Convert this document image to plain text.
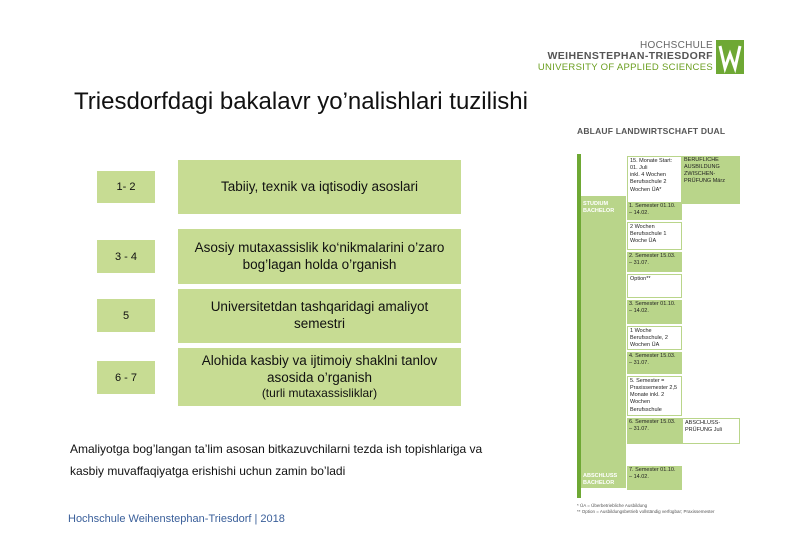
HOCHSCHULE
WEIHENSTEPHAN-TRIESDORF
UNIVERSITY OF APPLIED SCIENCES
Triesdorfdagi bakalavr yo’nalishlari tuzilishi
1- 2	Tabiiy, texnik va iqtisodiy asoslari
3 - 4
Asosiy mutaxassislik ko‘nikmalarini o’zaro bog’lagan holda o’rganish
5
Universitetdan tashqaridagi amaliyot semestri
6 - 7
Alohida kasbiy va ijtimoiy shaklni tanlov asosida o’rganish
(turli mutaxassisliklar)
Amaliyotga bog’langan ta’lim asosan bitkazuvchilarni tezda ish topishlariga va
kasbiy muvaffaqiyatga erishishi uchun zamin bo’ladi
Hochschule Weihenstephan-Triesdorf | 2018
ABLAUF LANDWIRTSCHAFT DUAL
15. Monate Start: 01. Juli
inkl. 4 Wochen Berufsschule 2 Wochen ÜA*
BERUFLICHE AUSBILDUNG
ZWISCHEN-PRÜFUNG März
STUDIUM BACHELOR
1. Semester 01.10. – 14.02.
2 Wochen Berufsschule 1 Woche ÜA
2. Semester 15.03. – 31.07.
Option**
3. Semester 01.10. – 14.02.
1 Woche Berufsschule, 2 Wochen ÜA
4. Semester 15.03. – 31.07.
5. Semester = Praxissemester 2,5 Monate inkl. 2 Wochen Berufsschule
6. Semester 15.03. – 31.07.
ABSCHLUSS-PRÜFUNG Juli
ABSCHLUSS BACHELOR
7. Semester 01.10. – 14.02.
* ÜA = Überbetriebliche Ausbildung
** Option = Ausbildungsbetrieb vollständig verfügbar; Praxissemester
